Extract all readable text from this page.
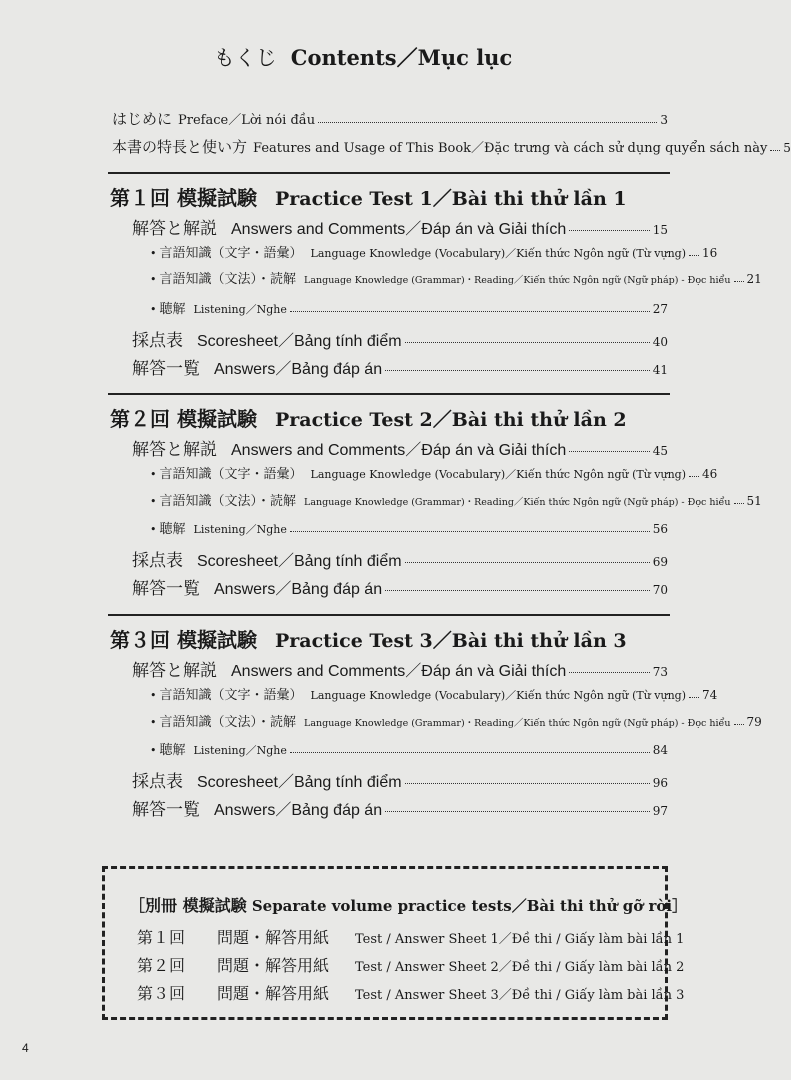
もくじ Contents／Mục lục
はじめに Preface／Lời nói đầu	3
本書の特長と使い方 Features and Usage of This Book／Đặc trưng và cách sử dụng quyển sách này 5
第１回 模擬試験 Practice Test 1／Bài thi thử lần 1
解答と解説 Answers and Comments／Đáp án và Giải thích	15
• 言語知識（文字・語彙） Language Knowledge (Vocabulary)／Kiến thức Ngôn ngữ (Từ vựng) 16
• 言語知識（文法）・読解 Language Knowledge (Grammar)・Reading／Kiến thức Ngôn ngữ (Ngữ pháp) - Đọc hiểu 21
• 聴解 Listening／Nghe	27
採点表 Scoresheet／Bảng tính điểm	40
解答一覧 Answers／Bảng đáp án	41
第２回 模擬試験 Practice Test 2／Bài thi thử lần 2
解答と解説 Answers and Comments／Đáp án và Giải thích	45
• 言語知識（文字・語彙） Language Knowledge (Vocabulary)／Kiến thức Ngôn ngữ (Từ vựng) 46
• 言語知識（文法）・読解 Language Knowledge (Grammar)・Reading／Kiến thức Ngôn ngữ (Ngữ pháp) - Đọc hiểu 51
• 聴解 Listening／Nghe	56
採点表 Scoresheet／Bảng tính điểm	69
解答一覧 Answers／Bảng đáp án	70
第３回 模擬試験 Practice Test 3／Bài thi thử lần 3
解答と解説 Answers and Comments／Đáp án và Giải thích	73
• 言語知識（文字・語彙） Language Knowledge (Vocabulary)／Kiến thức Ngôn ngữ (Từ vựng) 74
• 言語知識（文法）・読解 Language Knowledge (Grammar)・Reading／Kiến thức Ngôn ngữ (Ngữ pháp) - Đọc hiểu 79
• 聴解 Listening／Nghe	84
採点表 Scoresheet／Bảng tính điểm	96
解答一覧 Answers／Bảng đáp án	97
［別冊 模擬試験 Separate volume practice tests／Bài thi thử gỡ rời］
第１回 問題・解答用紙 Test / Answer Sheet 1／Đề thi / Giấy làm bài lần 1
第２回 問題・解答用紙 Test / Answer Sheet 2／Đề thi / Giấy làm bài lần 2
第３回 問題・解答用紙 Test / Answer Sheet 3／Đề thi / Giấy làm bài lần 3
4
